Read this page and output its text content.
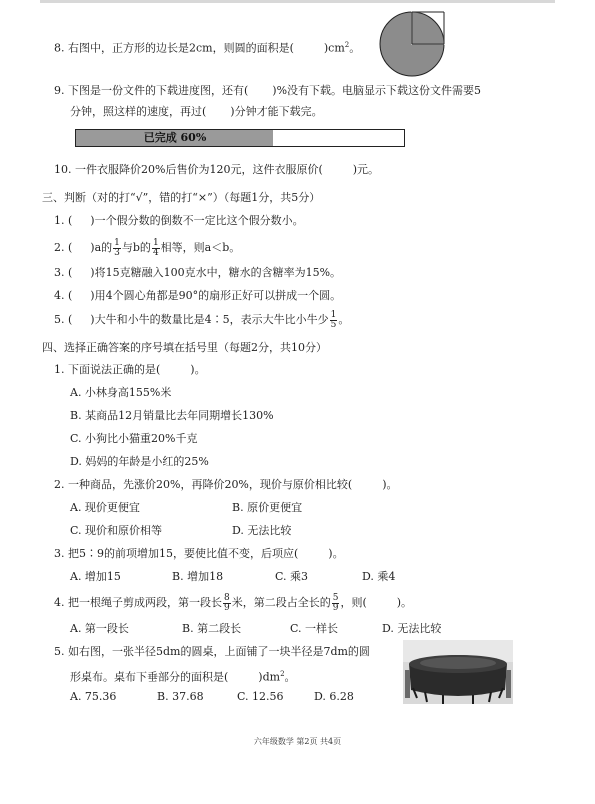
8. 右图中，正方形的边长是2cm，则圆的面积是(	)$cm^2$。
9. 下图是一份文件的下载进度图，还有( )%没有下载。电脑显示下载这份文件需要5
分钟，照这样的速度，再过( )分钟才能下载完。
已完成 60%
10. 一件衣服降价20%后售价为120元，这件衣服原价(	)元。
三、判断（对的打“√”，错的打“×”）（每题1分，共5分）
1. ( )一个假分数的倒数不一定比这个假分数小。
2. ( )a的 $\frac{1}{3}$ 与b的 $\frac{1}{4}$ 相等，则a＜b。
3. ( )将15克糖融入100克水中，糖水的含糖率为15%。
4. ( )用4个圆心角都是90°的扇形正好可以拼成一个圆。
5. ( )大牛和小牛的数量比是4∶5，表示大牛比小牛少 $\frac{1}{5}$ 。
四、选择正确答案的序号填在括号里（每题2分，共10分）
1. 下面说法正确的是(	)。
A. 小林身高155%米
B. 某商品12月销量比去年同期增长130%
C. 小狗比小猫重20%千克
D. 妈妈的年龄是小红的25%
2. 一种商品，先涨价20%，再降价20%，现价与原价相比较(	)。
A. 现价更便宜	B. 原价更便宜
C. 现价和原价相等	D. 无法比较
3. 把5∶9的前项增加15，要使比值不变，后项应(	)。
A. 增加15	B. 增加18	C. 乘3	D. 乘4
4. 把一根绳子剪成两段，第一段长 $\frac{8}{9}$ 米，第二段占全长的 $\frac{5}{9}$ ，则(	)。
A. 第一段长	B. 第二段长	C. 一样长	D. 无法比较
5. 如右图，一张半径5dm的圆桌，上面铺了一块半径是7dm的圆
形桌布。桌布下垂部分的面积是(	)$dm^2$。
A. 75.36	B. 37.68	C. 12.56	D. 6.28
六年级数学 第2页 共4页
